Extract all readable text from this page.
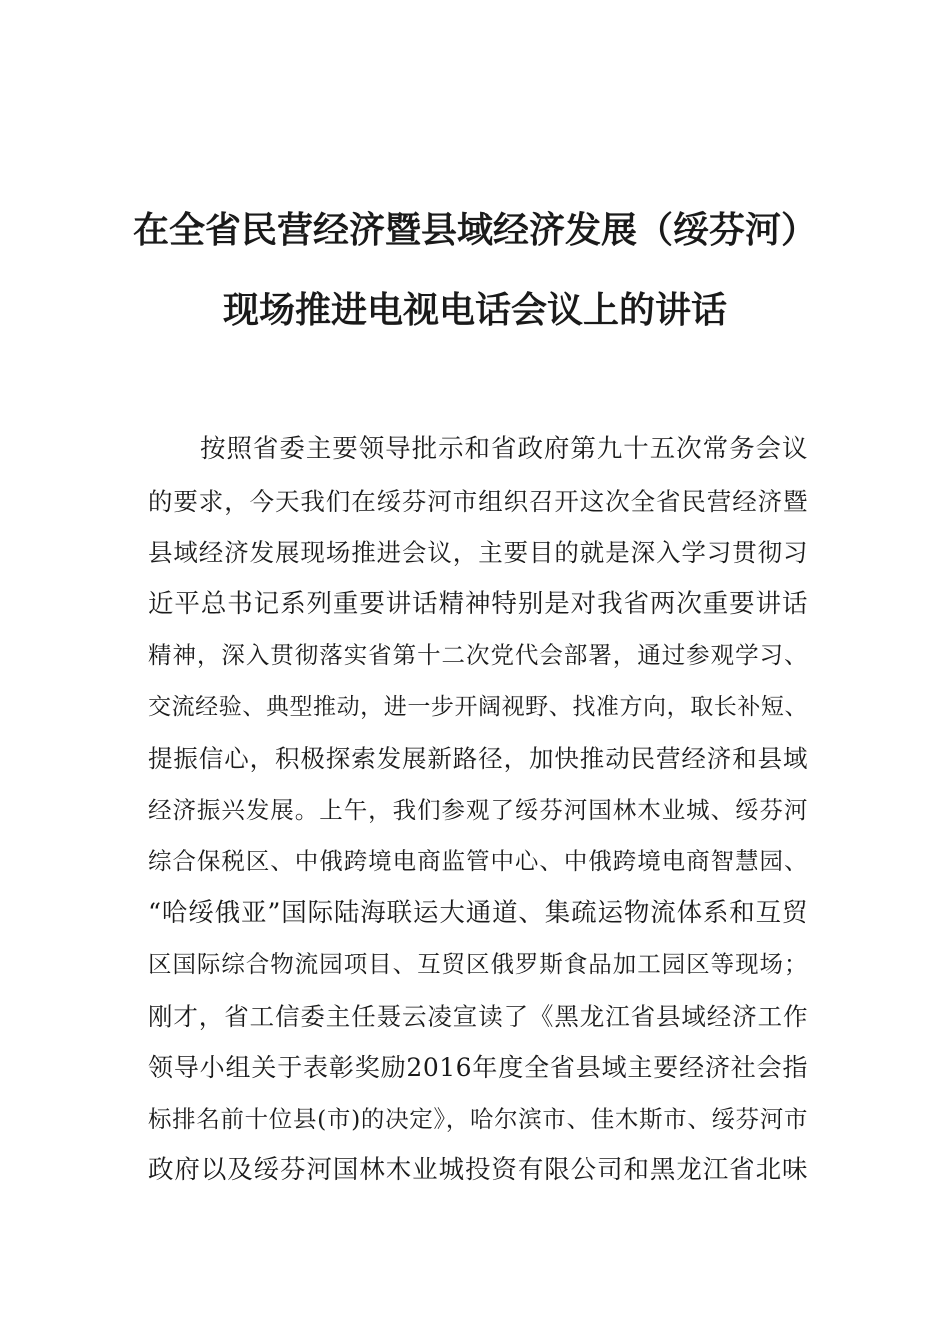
在全省民营经济暨县域经济发展（绥芬河）
现场推进电视电话会议上的讲话
按照省委主要领导批示和省政府第九十五次常务会议
的要求，今天我们在绥芬河市组织召开这次全省民营经济暨
县域经济发展现场推进会议，主要目的就是深入学习贯彻习
近平总书记系列重要讲话精神特别是对我省两次重要讲话
精神，深入贯彻落实省第十二次党代会部署，通过参观学习、
交流经验、典型推动，进一步开阔视野、找准方向，取长补短、
提振信心，积极探索发展新路径，加快推动民营经济和县域
经济振兴发展。上午，我们参观了绥芬河国林木业城、绥芬河
综合保税区、中俄跨境电商监管中心、中俄跨境电商智慧园、
“哈绥俄亚”国际陆海联运大通道、集疏运物流体系和互贸
区国际综合物流园项目、互贸区俄罗斯食品加工园区等现场；
刚才，省工信委主任聂云凌宣读了《黑龙江省县域经济工作
领导小组关于表彰奖励2016年度全省县域主要经济社会指
标排名前十位县(市)的决定》，哈尔滨市、佳木斯市、绥芬河市
政府以及绥芬河国林木业城投资有限公司和黑龙江省北味
